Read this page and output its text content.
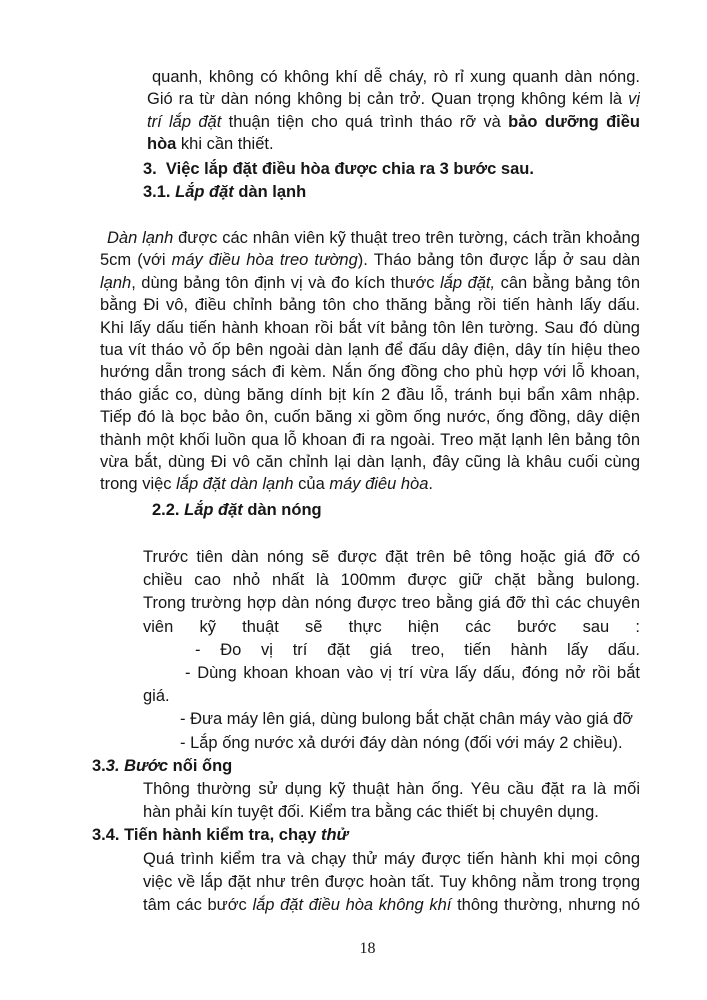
quanh, không có không khí dễ cháy, rò rỉ xung quanh dàn nóng.
Gió ra từ dàn nóng không bị cản trở. Quan trọng không kém là vị
trí lắp đặt thuận tiện cho quá trình tháo rỡ và bảo dưỡng điều
hòa khi cần thiết.
3.  Việc lắp đặt điều hòa được chia ra 3 bước sau.
3.1. Lắp đặt dàn lạnh
Dàn lạnh được các nhân viên kỹ thuật treo trên tường, cách trần khoảng
5cm (với máy điều hòa treo tường). Tháo bảng tôn được lắp ở sau dàn
lạnh, dùng bảng tôn định vị và đo kích thước lắp đặt, cân bằng bảng tôn
bằng Đi vô, điều chỉnh bảng tôn cho thăng bằng rồi tiến hành lấy dấu.
Khi lấy dấu tiến hành khoan rồi bắt vít bảng tôn lên tường. Sau đó dùng
tua vít tháo vỏ ốp bên ngoài dàn lạnh để đấu dây điện, dây tín hiệu theo
hướng dẫn trong sách đi kèm. Nắn ống đồng cho phù hợp với lỗ khoan,
tháo giắc co, dùng băng dính bịt kín 2 đầu lỗ, tránh bụi bẩn xâm nhập.
Tiếp đó là bọc bảo ôn, cuốn băng xi gồm ống nước, ống đồng, dây diện
thành một khối luồn qua lỗ khoan đi ra ngoài. Treo mặt lạnh lên bảng tôn
vừa bắt, dùng Đi vô căn chỉnh lại dàn lạnh, đây cũng là khâu cuối cùng
trong việc lắp đặt dàn lạnh của máy điêu hòa.
2.2. Lắp đặt dàn nóng
Trước tiên dàn nóng sẽ được đặt trên bê tông hoặc giá đỡ có
chiều cao nhỏ nhất là 100mm được giữ chặt bằng bulong.
Trong trường hợp dàn nóng được treo bằng giá đỡ thì các chuyên
viên kỹ thuật sẽ thực hiện các bước sau :
- Đo vị trí đặt giá treo, tiến hành lấy dấu.
- Dùng khoan khoan vào vị trí vừa lấy dấu, đóng nở rồi bắt
giá.
- Đưa máy lên giá, dùng bulong bắt chặt chân máy vào giá đỡ
- Lắp ống nước xả dưới đáy dàn nóng (đối với máy 2 chiều).
3.3. Bước nối ống
Thông thường sử dụng kỹ thuật hàn ống. Yêu cầu đặt ra là mối
hàn phải kín tuyệt đối. Kiểm tra bằng các thiết bị chuyên dụng.
3.4. Tiến hành kiểm tra, chạy thử
Quá trình kiểm tra và chạy thử máy được tiến hành khi mọi công
việc về lắp đặt như trên được hoàn tất. Tuy không nằm trong trọng
tâm các bước lắp đặt điều hòa không khí thông thường, nhưng nó
18
